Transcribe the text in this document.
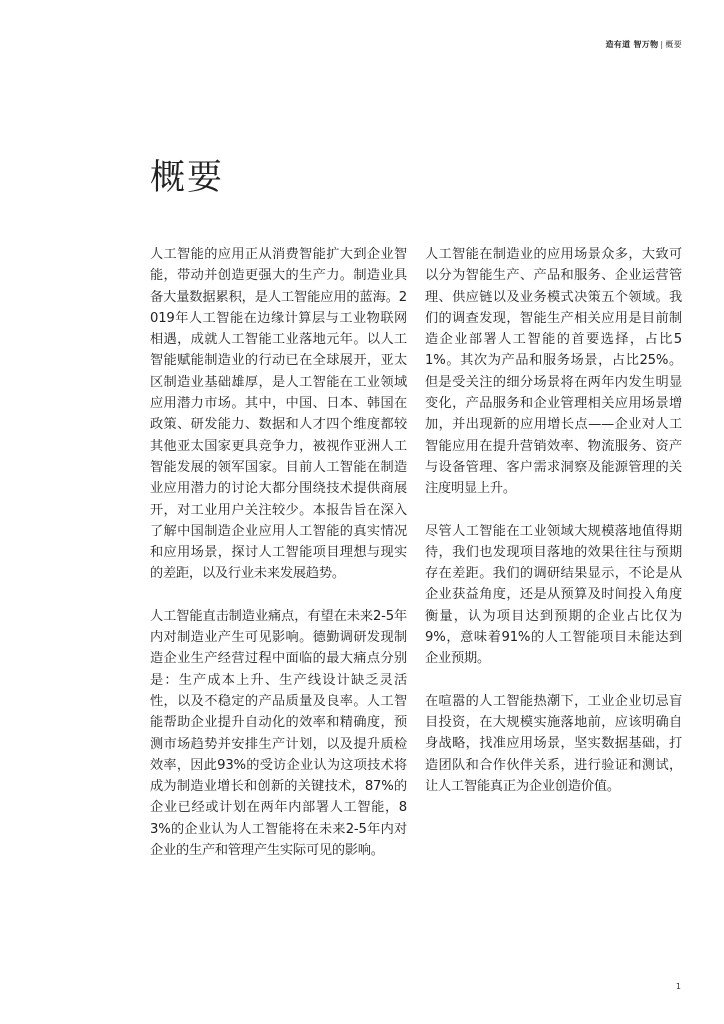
造有道 智万物 | 概要
概要

人工智能的应用正从消费智能扩大到企业智能，带动并创造更强大的生产力。制造业具备大量数据累积，是人工智能应用的蓝海。2019年人工智能在边缘计算层与工业物联网相遇，成就人工智能工业落地元年。以人工智能赋能制造业的行动已在全球展开，亚太区制造业基础雄厚，是人工智能在工业领域应用潜力市场。其中，中国、日本、韩国在政策、研发能力、数据和人才四个维度都较其他亚太国家更具竞争力，被视作亚洲人工智能发展的领军国家。目前人工智能在制造业应用潜力的讨论大都分围绕技术提供商展开，对工业用户关注较少。本报告旨在深入了解中国制造企业应用人工智能的真实情况和应用场景，探讨人工智能项目理想与现实的差距，以及行业未来发展趋势。

人工智能直击制造业痛点，有望在未来2-5年内对制造业产生可见影响。德勤调研发现制造企业生产经营过程中面临的最大痛点分别是：生产成本上升、生产线设计缺乏灵活性，以及不稳定的产品质量及良率。人工智能帮助企业提升自动化的效率和精确度，预测市场趋势并安排生产计划，以及提升质检效率，因此93%的受访企业认为这项技术将成为制造业增长和创新的关键技术，87%的企业已经或计划在两年内部署人工智能，83%的企业认为人工智能将在未来2-5年内对企业的生产和管理产生实际可见的影响。

人工智能在制造业的应用场景众多，大致可以分为智能生产、产品和服务、企业运营管理、供应链以及业务模式决策五个领域。我们的调查发现，智能生产相关应用是目前制造企业部署人工智能的首要选择，占比51%。其次为产品和服务场景，占比25%。但是受关注的细分场景将在两年内发生明显变化，产品服务和企业管理相关应用场景增加，并出现新的应用增长点——企业对人工智能应用在提升营销效率、物流服务、资产与设备管理、客户需求洞察及能源管理的关注度明显上升。

尽管人工智能在工业领域大规模落地值得期待，我们也发现项目落地的效果往往与预期存在差距。我们的调研结果显示，不论是从企业获益角度，还是从预算及时间投入角度衡量，认为项目达到预期的企业占比仅为9%，意味着91%的人工智能项目未能达到企业预期。

在喧嚣的人工智能热潮下，工业企业切忌盲目投资，在大规模实施落地前，应该明确自身战略，找准应用场景，坚实数据基础，打造团队和合作伙伴关系，进行验证和测试，让人工智能真正为企业创造价值。

1
